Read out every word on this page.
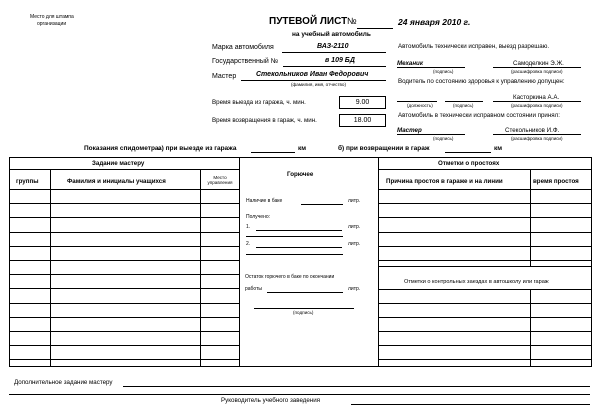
Место для штампа
организации	ПУТЕВОЙ ЛИСТ №	24 января 2010 г.
на учебный автомобиль
Марка автомобиля	ВАЗ-2110
Государственный №	в 109 БД
Мастер	Стекольников Иван Федорович
(фамилия, имя, отчество)
Время выезда из гаража, ч. мин.	9.00
Время возвращения в гараж, ч. мин.	18.00
Автомобиль технически исправен, выезд разрешаю.
Механик	Самоделкин Э.Ж.
(подпись)	(расшифровка подписи)
Водитель по состоянию здоровья к управлению допущен:
Касторкина А.А.
(должность)	(подпись)	(расшифровка подписи)
Автомобиль в технически исправном состоянии принял:
Мастер	Стекольников И.Ф.
(подпись)	(расшифровка подписи)
Показания спидометра:
а) при выезде из гаража	км	б) при возвращении в гараж	км
Задание мастеру
группы	Фамилия и инициалы учащихся
Место управления
Горючее
Отметки о простоях
Причина простоя в гараже и на линии	время простоя
Отметки о контрольных заездах в автошколу или гараж
Наличие в баке	литр.
Получено:
1.	литр.
2.	литр.
Остаток горючего в баке по окончании
работы	литр.
(подпись)
Дополнительное задание мастеру
Руководитель учебного заведения
